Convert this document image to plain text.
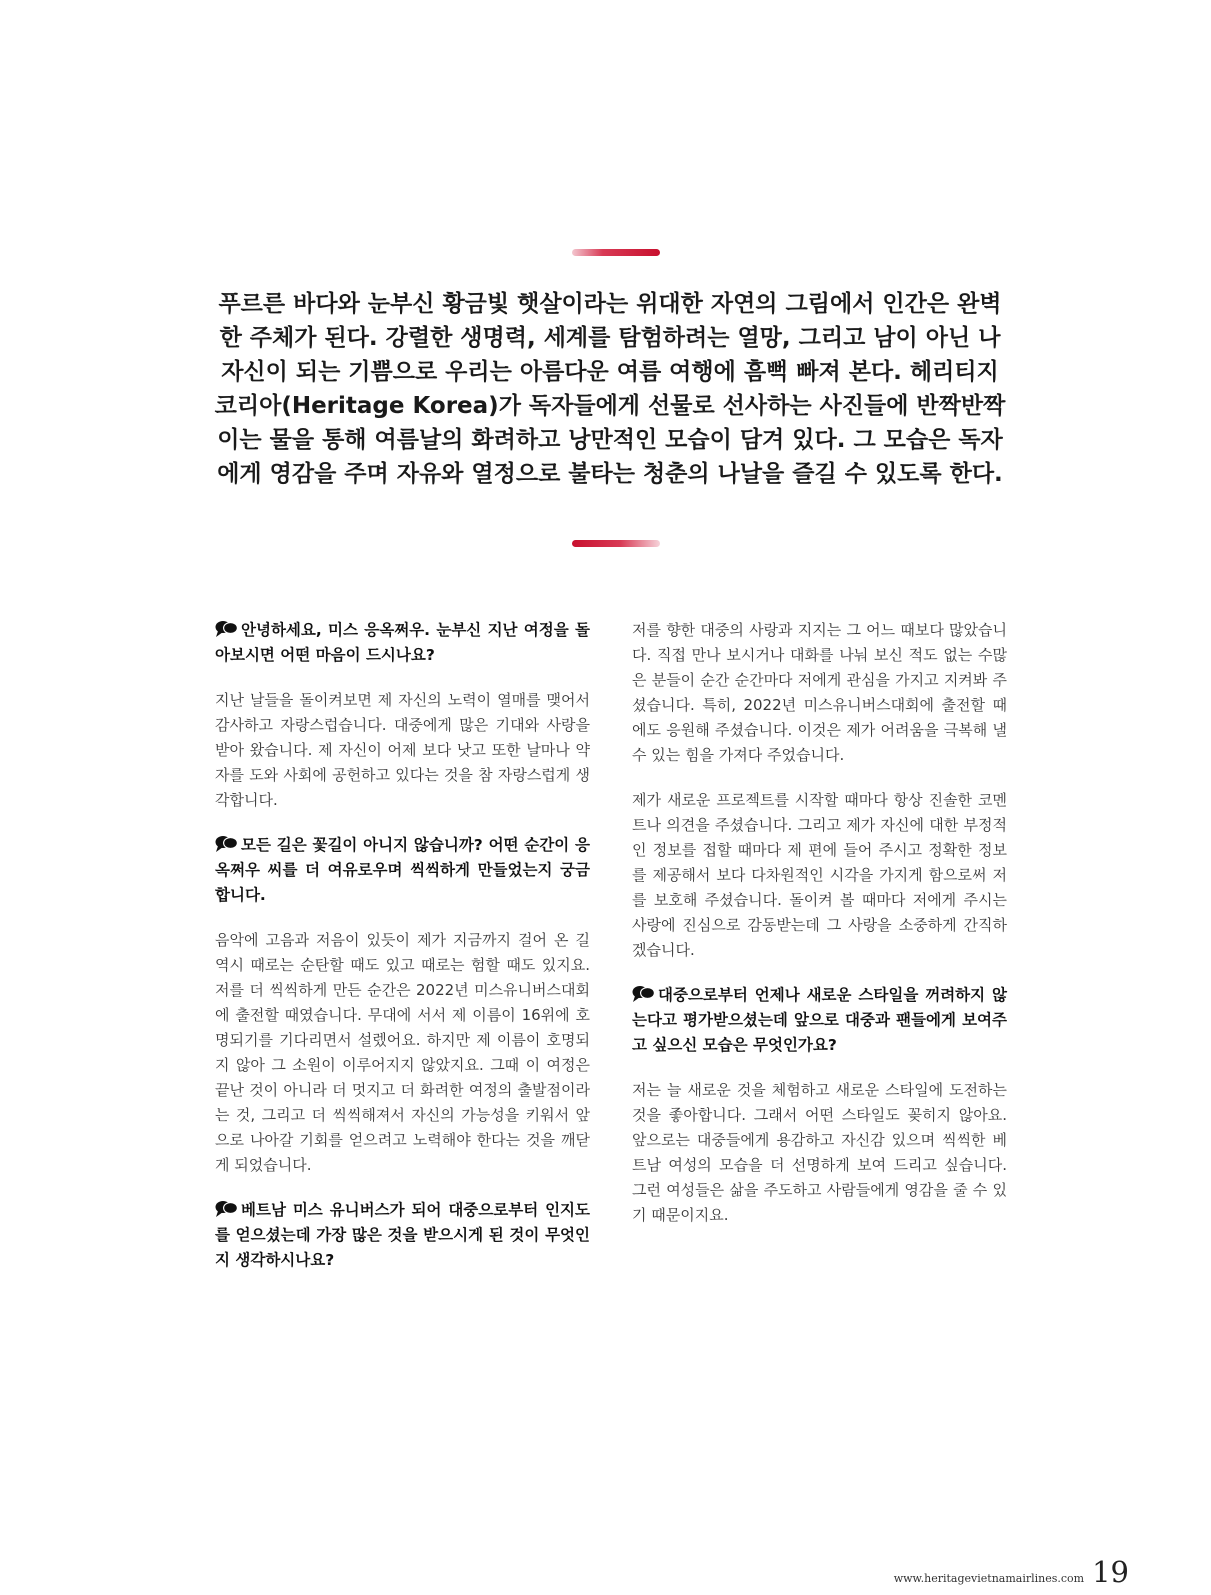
푸르른 바다와 눈부신 황금빛 햇살이라는 위대한 자연의 그림에서 인간은 완벽한 주체가 된다. 강렬한 생명력, 세계를 탐험하려는 열망, 그리고 남이 아닌 나 자신이 되는 기쁨으로 우리는 아름다운 여름 여행에 흠뻑 빠져 본다. 헤리티지 코리아(Heritage Korea)가 독자들에게 선물로 선사하는 사진들에 반짝반짝이는 물을 통해 여름날의 화려하고 낭만적인 모습이 담겨 있다. 그 모습은 독자에게 영감을 주며 자유와 열정으로 불타는 청춘의 나날을 즐길 수 있도록 한다.

안녕하세요, 미스 응옥쩌우. 눈부신 지난 여정을 돌아보시면 어떤 마음이 드시나요?

지난 날들을 돌이켜보면 제 자신의 노력이 열매를 맺어서 감사하고 자랑스럽습니다. 대중에게 많은 기대와 사랑을 받아 왔습니다. 제 자신이 어제 보다 낫고 또한 날마나 약자를 도와 사회에 공헌하고 있다는 것을 참 자랑스럽게 생각합니다.

모든 길은 꽃길이 아니지 않습니까? 어떤 순간이 응옥쩌우 씨를 더 여유로우며 씩씩하게 만들었는지 궁금합니다.

음악에 고음과 저음이 있듯이 제가 지금까지 걸어 온 길 역시 때로는 순탄할 때도 있고 때로는 험할 때도 있지요. 저를 더 씩씩하게 만든 순간은 2022년 미스유니버스대회에 출전할 때였습니다. 무대에 서서 제 이름이 16위에 호명되기를 기다리면서 설렜어요. 하지만 제 이름이 호명되지 않아 그 소원이 이루어지지 않았지요. 그때 이 여정은 끝난 것이 아니라 더 멋지고 더 화려한 여정의 출발점이라는 것, 그리고 더 씩씩해져서 자신의 가능성을 키워서 앞으로 나아갈 기회를 얻으려고 노력해야 한다는 것을 깨닫게 되었습니다.

베트남 미스 유니버스가 되어 대중으로부터 인지도를 얻으셨는데 가장 많은 것을 받으시게 된 것이 무엇인지 생각하시나요?

저를 향한 대중의 사랑과 지지는 그 어느 때보다 많았습니다. 직접 만나 보시거나 대화를 나눠 보신 적도 없는 수많은 분들이 순간 순간마다 저에게 관심을 가지고 지켜봐 주셨습니다. 특히, 2022년 미스유니버스대회에 출전할 때에도 응원해 주셨습니다. 이것은 제가 어려움을 극복해 낼 수 있는 힘을 가져다 주었습니다.

제가 새로운 프로젝트를 시작할 때마다 항상 진솔한 코멘트나 의견을 주셨습니다. 그리고 제가 자신에 대한 부정적인 정보를 접할 때마다 제 편에 들어 주시고 정확한 정보를 제공해서 보다 다차원적인 시각을 가지게 함으로써 저를 보호해 주셨습니다. 돌이켜 볼 때마다 저에게 주시는 사랑에 진심으로 감동받는데 그 사랑을 소중하게 간직하겠습니다.

대중으로부터 언제나 새로운 스타일을 꺼려하지 않는다고 평가받으셨는데 앞으로 대중과 팬들에게 보여주고 싶으신 모습은 무엇인가요?

저는 늘 새로운 것을 체험하고 새로운 스타일에 도전하는 것을 좋아합니다. 그래서 어떤 스타일도 꽂히지 않아요. 앞으로는 대중들에게 용감하고 자신감 있으며 씩씩한 베트남 여성의 모습을 더 선명하게 보여 드리고 싶습니다. 그런 여성들은 삶을 주도하고 사람들에게 영감을 줄 수 있기 때문이지요.

www.heritagevietnamairlines.com 19
